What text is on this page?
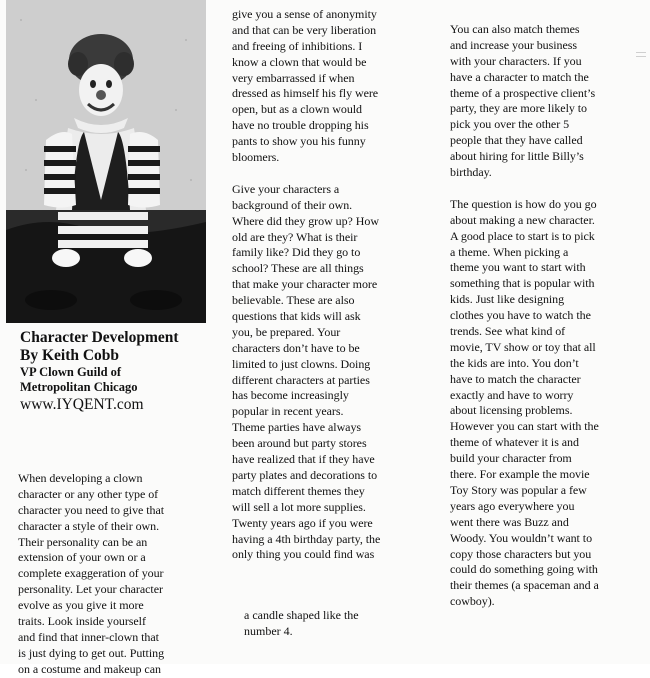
Character Development

By Keith Cobb

VP Clown Guild of

Metropolitan Chicago

www.IYQENT.com

When developing a clown
character or any other type of
character you need to give that
character a style of their own.
Their personality can be an
extension of your own or a
complete exaggeration of your
personality. Let your character
evolve as you give it more
traits. Look inside yourself
and find that inner-clown that
is just dying to get out. Putting
on a costume and makeup can
give you a sense of anonymity
and that can be very liberation
and freeing of inhibitions. I
know a clown that would be
very embarrassed if when
dressed as himself his fly were
open, but as a clown would
have no trouble dropping his
pants to show you his funny
bloomers.
Give your characters a
background of their own.
Where did they grow up? How
old are they? What is their
family like? Did they go to
school? These are all things
that make your character more
believable. These are also
questions that kids will ask
you, be prepared. Your
characters don’t have to be
limited to just clowns. Doing
different characters at parties
has become increasingly
popular in recent years.
Theme parties have always
been around but party stores
have realized that if they have
party plates and decorations to
match different themes they
will sell a lot more supplies.
Twenty years ago if you were
having a 4th birthday party, the
only thing you could find was
a candle shaped like the
number 4.
You can also match themes
and increase your business
with your characters. If you
have a character to match the
theme of a prospective client’s
party, they are more likely to
pick you over the other 5
people that they have called
about hiring for little Billy’s
birthday.
The question is how do you go
about making a new character.
A good place to start is to pick
a theme. When picking a
theme you want to start with
something that is popular with
kids. Just like designing
clothes you have to watch the
trends. See what kind of
movie, TV show or toy that all
the kids are into. You don’t
have to match the character
exactly and have to worry
about licensing problems.
However you can start with the
theme of whatever it is and
build your character from
there. For example the movie
Toy Story was popular a few
years ago everywhere you
went there was Buzz and
Woody. You wouldn’t want to
copy those characters but you
could do something going with
their themes (a spaceman and a
cowboy).
